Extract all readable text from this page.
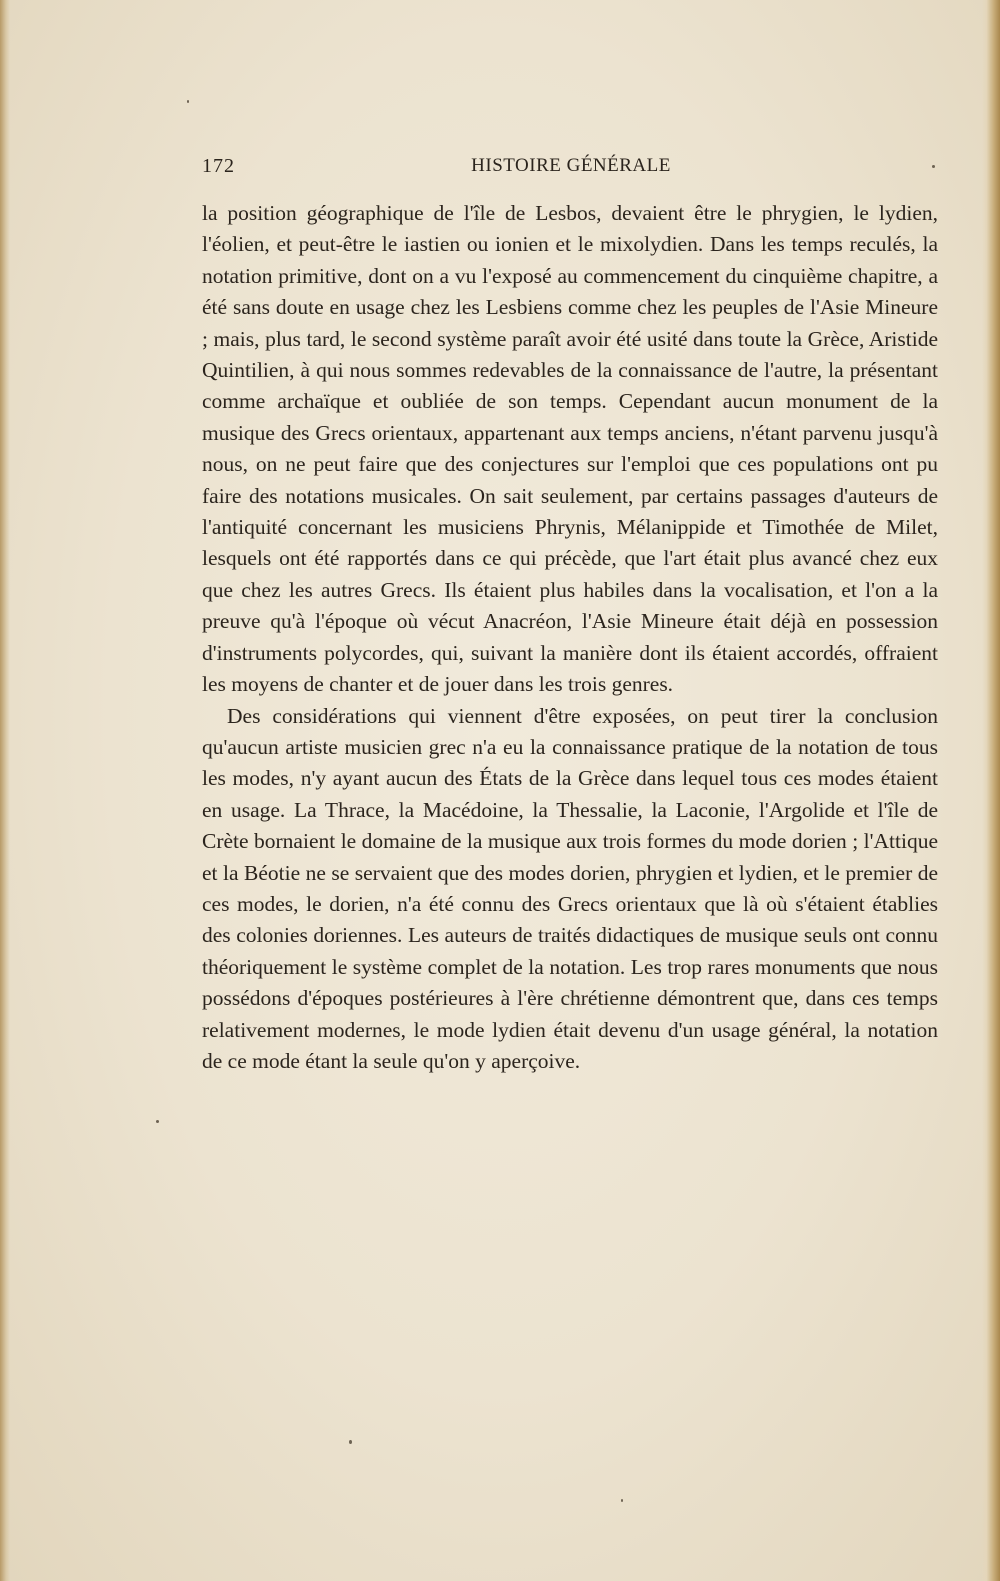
172	HISTOIRE GÉNÉRALE

la position géographique de l'île de Lesbos, devaient être le phrygien, le lydien, l'éolien, et peut-être le iastien ou ionien et le mixolydien. Dans les temps reculés, la notation primitive, dont on a vu l'exposé au commencement du cinquième chapitre, a été sans doute en usage chez les Lesbiens comme chez les peuples de l'Asie Mineure ; mais, plus tard, le second système paraît avoir été usité dans toute la Grèce, Aristide Quintilien, à qui nous sommes redevables de la connaissance de l'autre, la présentant comme archaïque et oubliée de son temps. Cependant aucun monument de la musique des Grecs orientaux, appartenant aux temps anciens, n'étant parvenu jusqu'à nous, on ne peut faire que des conjectures sur l'emploi que ces populations ont pu faire des notations musicales. On sait seulement, par certains passages d'auteurs de l'antiquité concernant les musiciens Phrynis, Mélanippide et Timothée de Milet, lesquels ont été rapportés dans ce qui précède, que l'art était plus avancé chez eux que chez les autres Grecs. Ils étaient plus habiles dans la vocalisation, et l'on a la preuve qu'à l'époque où vécut Anacréon, l'Asie Mineure était déjà en possession d'instruments polycordes, qui, suivant la manière dont ils étaient accordés, offraient les moyens de chanter et de jouer dans les trois genres.

Des considérations qui viennent d'être exposées, on peut tirer la conclusion qu'aucun artiste musicien grec n'a eu la connaissance pratique de la notation de tous les modes, n'y ayant aucun des États de la Grèce dans lequel tous ces modes étaient en usage. La Thrace, la Macédoine, la Thessalie, la Laconie, l'Argolide et l'île de Crète bornaient le domaine de la musique aux trois formes du mode dorien ; l'Attique et la Béotie ne se servaient que des modes dorien, phrygien et lydien, et le premier de ces modes, le dorien, n'a été connu des Grecs orientaux que là où s'étaient établies des colonies doriennes. Les auteurs de traités didactiques de musique seuls ont connu théoriquement le système complet de la notation. Les trop rares monuments que nous possédons d'époques postérieures à l'ère chrétienne démontrent que, dans ces temps relativement modernes, le mode lydien était devenu d'un usage général, la notation de ce mode étant la seule qu'on y aperçoive.
